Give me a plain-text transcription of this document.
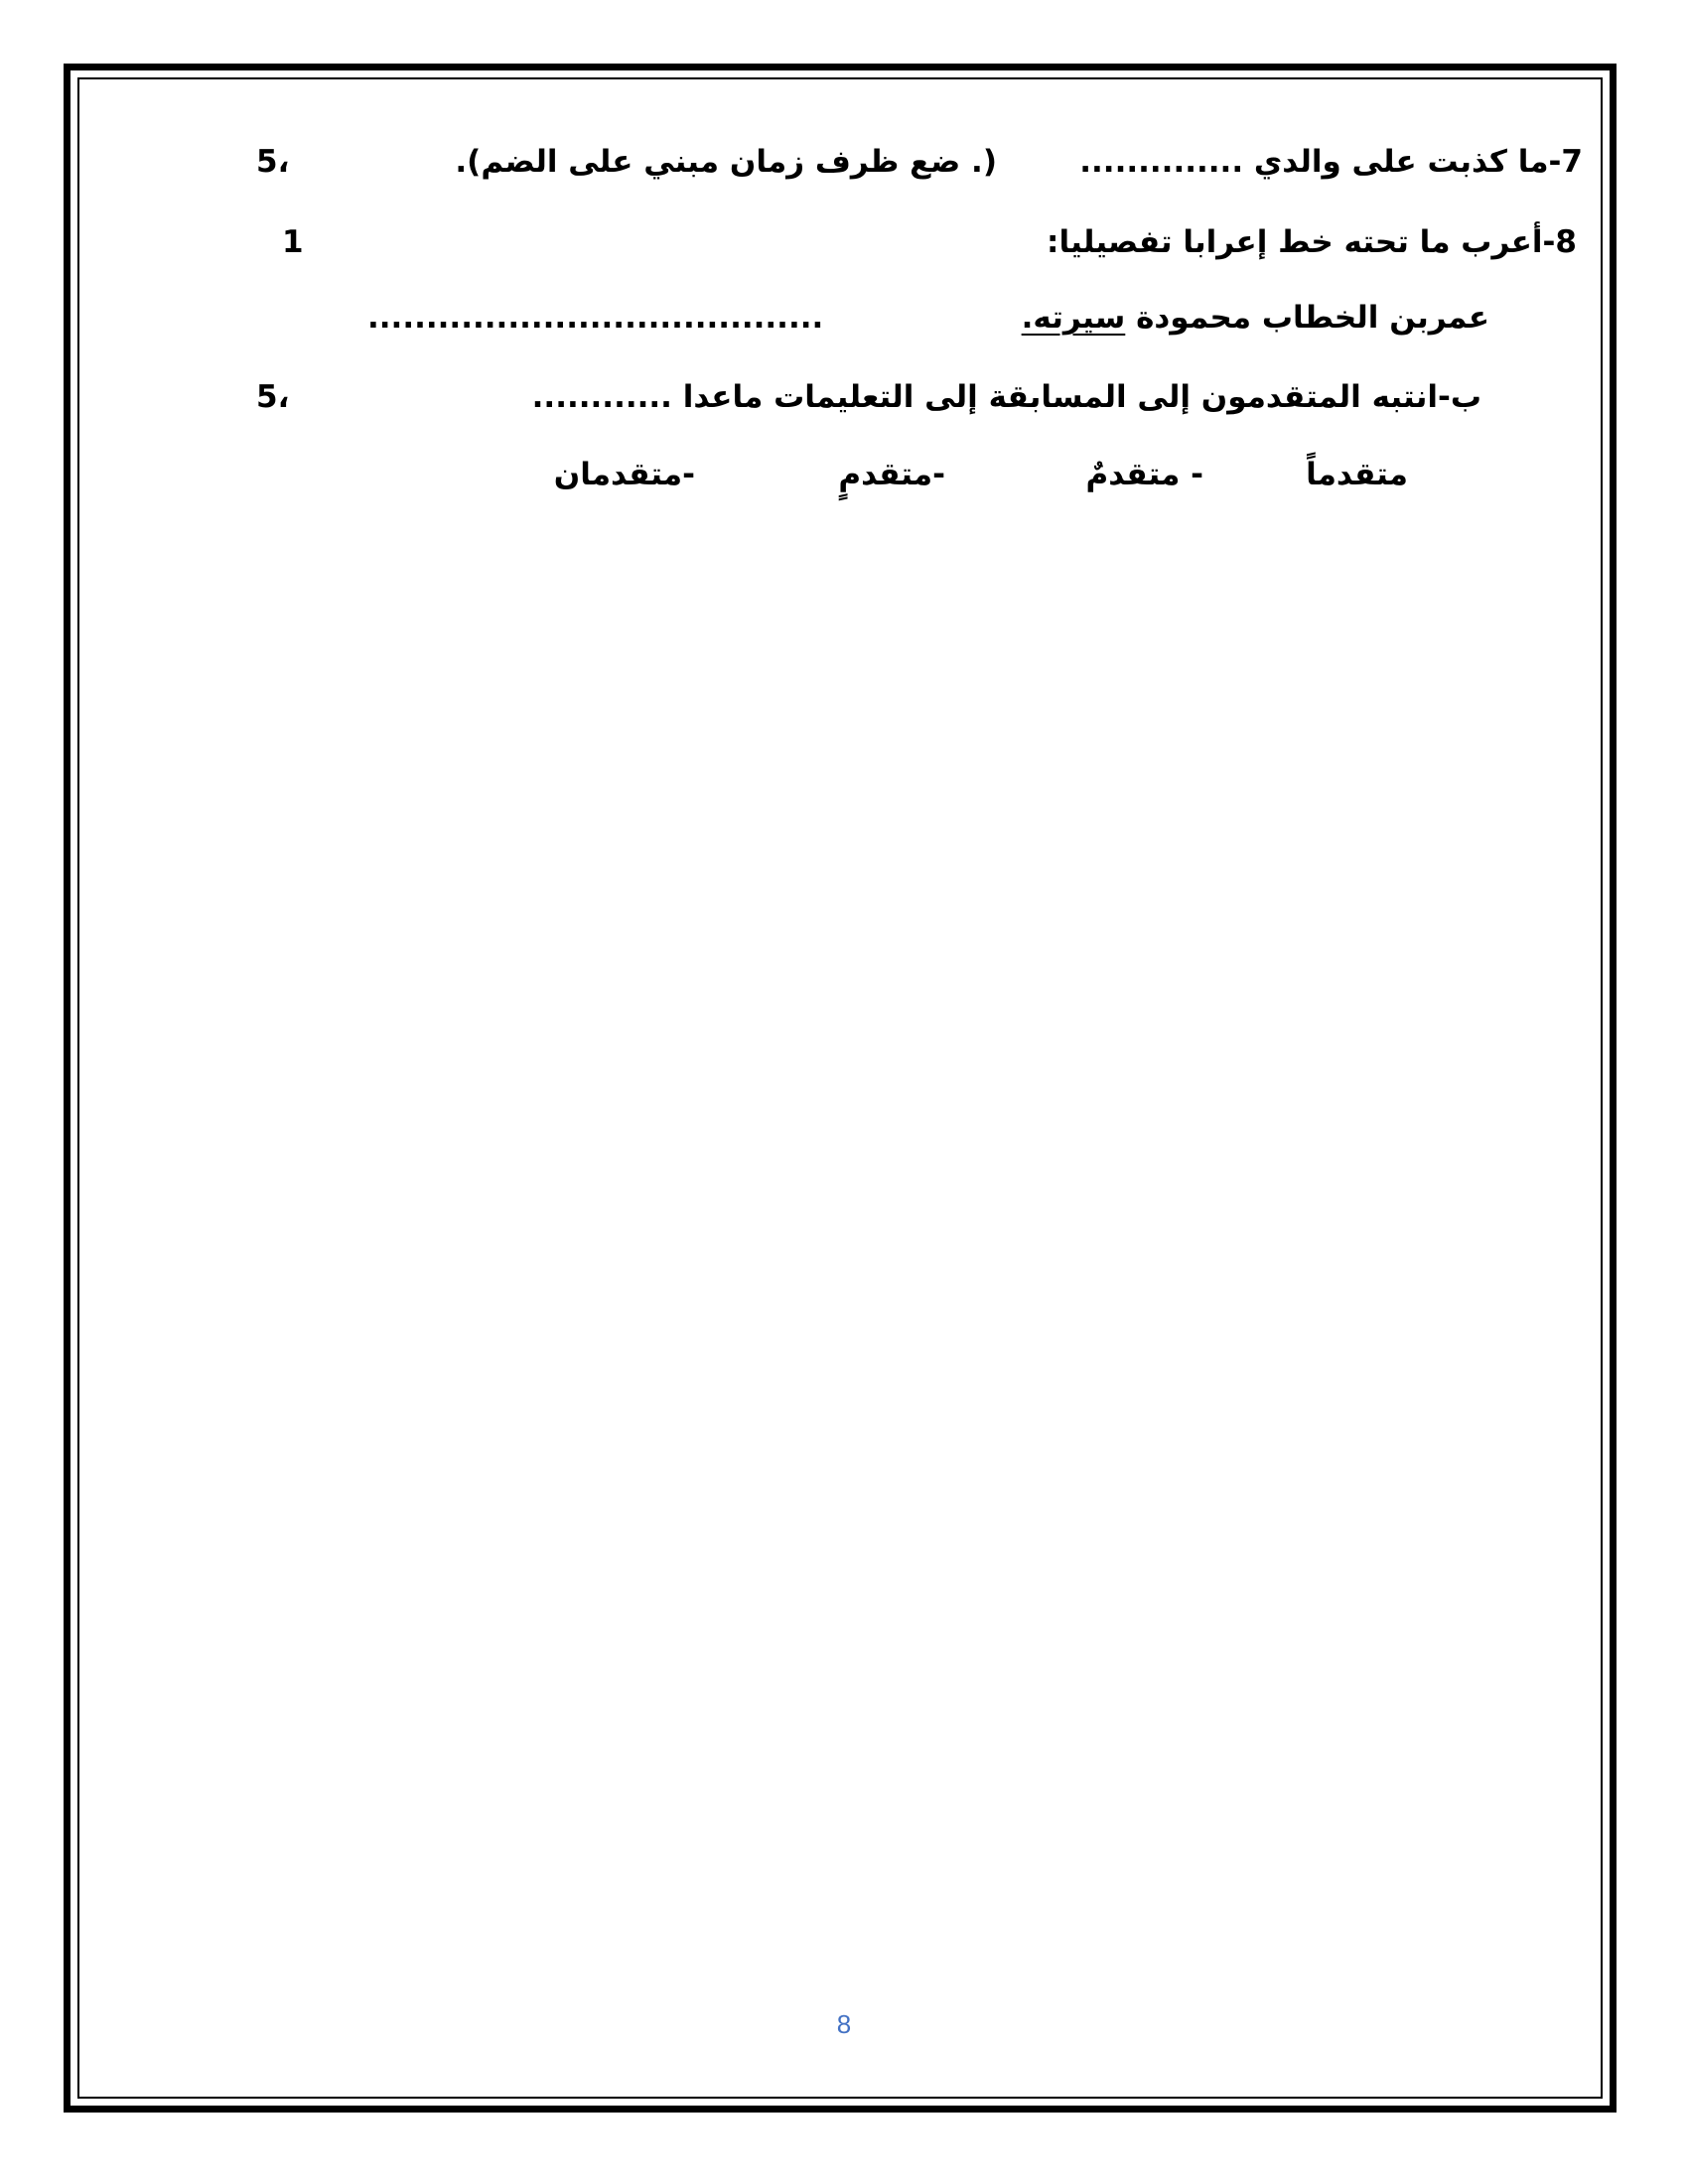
7-ما كذبت على والدي ..............
(. ضع ظرف زمان مبني على الضم).
5،
8-أعرب ما تحته خط إعرابا تفصيليا:
1
عمربن الخطاب محمودة سيرته.
.......................................
ب-انتبه المتقدمون إلى المسابقة إلى التعليمات ماعدا ............
5،
متقدماً
- متقدمٌ
-متقدمٍ
-متقدمان
8
